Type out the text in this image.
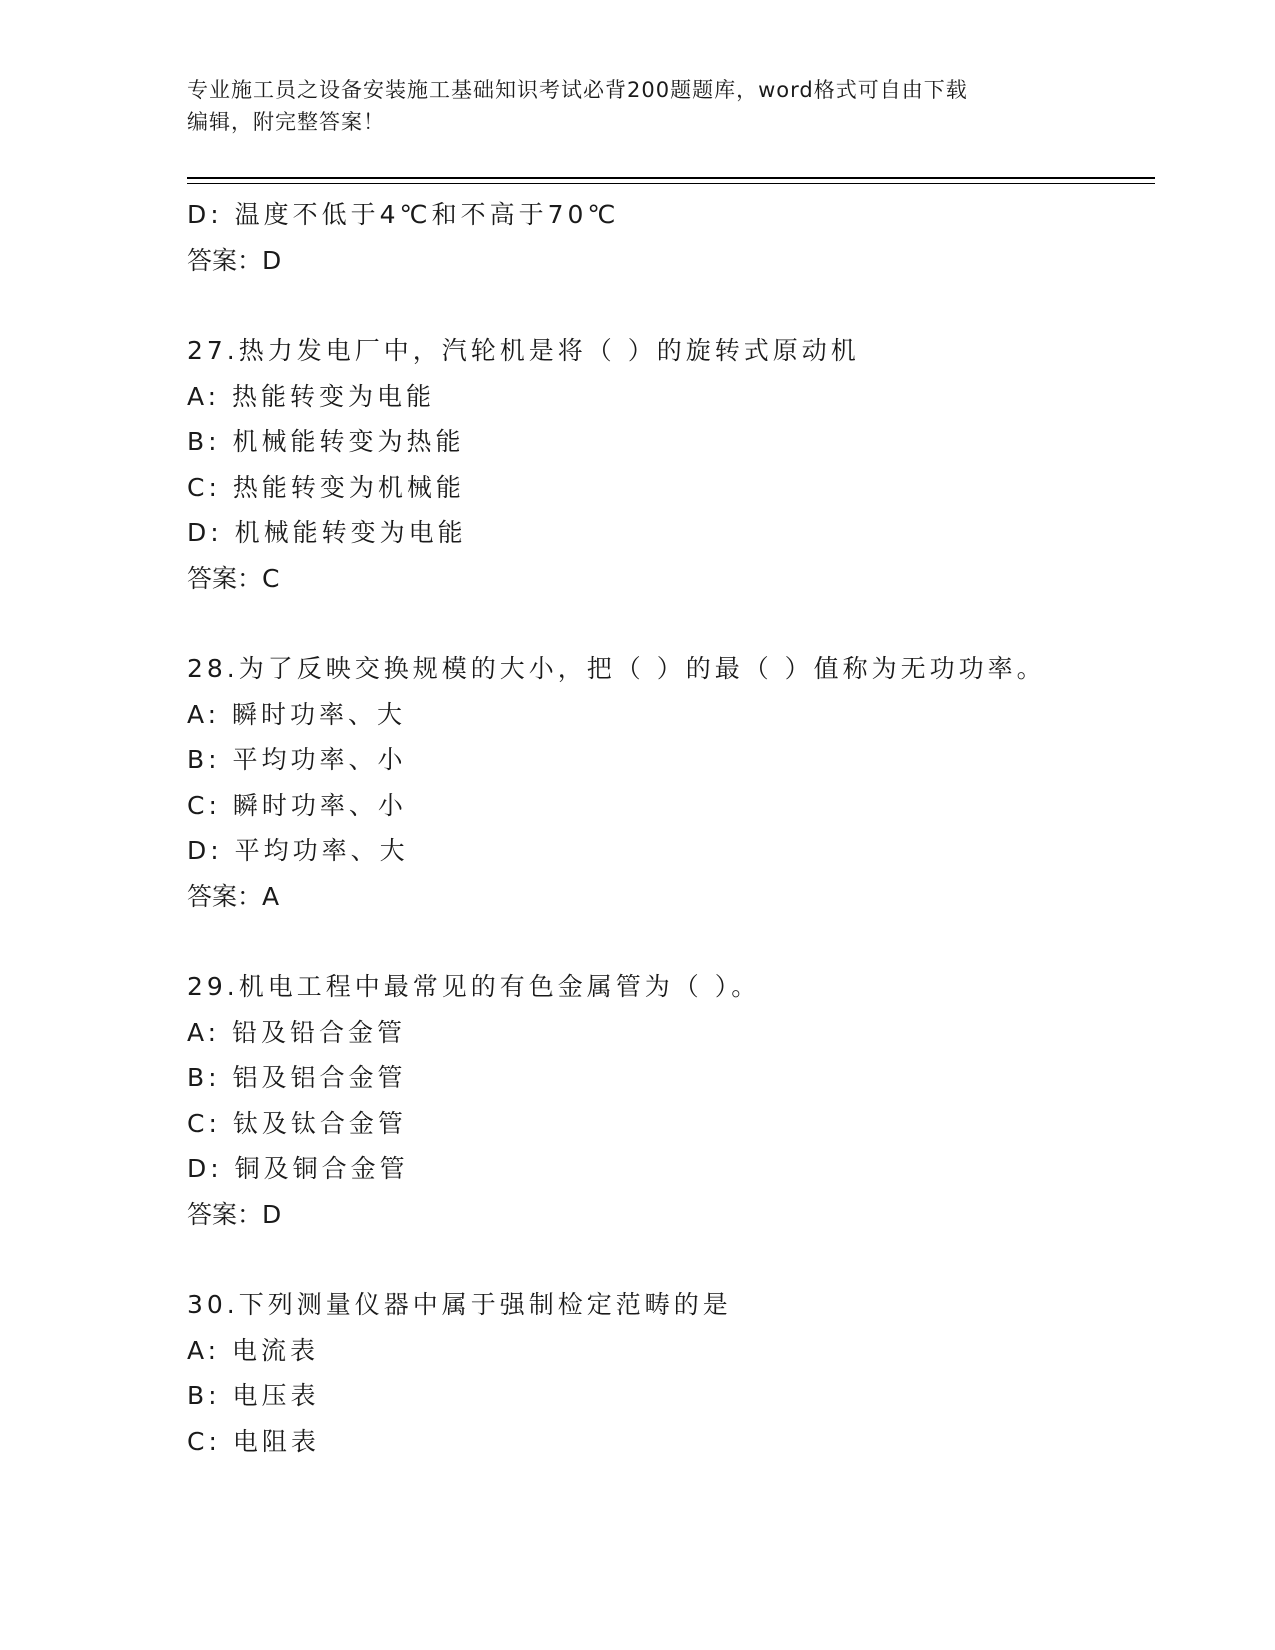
专业施工员之设备安装施工基础知识考试必背200题题库，word格式可自由下载
编辑，附完整答案！
D: 温度不低于4℃和不高于70℃
答案：D
27.热力发电厂中，汽轮机是将（ ）的旋转式原动机
A: 热能转变为电能
B: 机械能转变为热能
C: 热能转变为机械能
D: 机械能转变为电能
答案：C
28.为了反映交换规模的大小，把（ ）的最（ ）值称为无功功率。
A: 瞬时功率、大
B: 平均功率、小
C: 瞬时功率、小
D: 平均功率、大
答案：A
29.机电工程中最常见的有色金属管为（ ）。
A: 铅及铅合金管
B: 铝及铝合金管
C: 钛及钛合金管
D: 铜及铜合金管
答案：D
30.下列测量仪器中属于强制检定范畴的是
A: 电流表
B: 电压表
C: 电阻表
